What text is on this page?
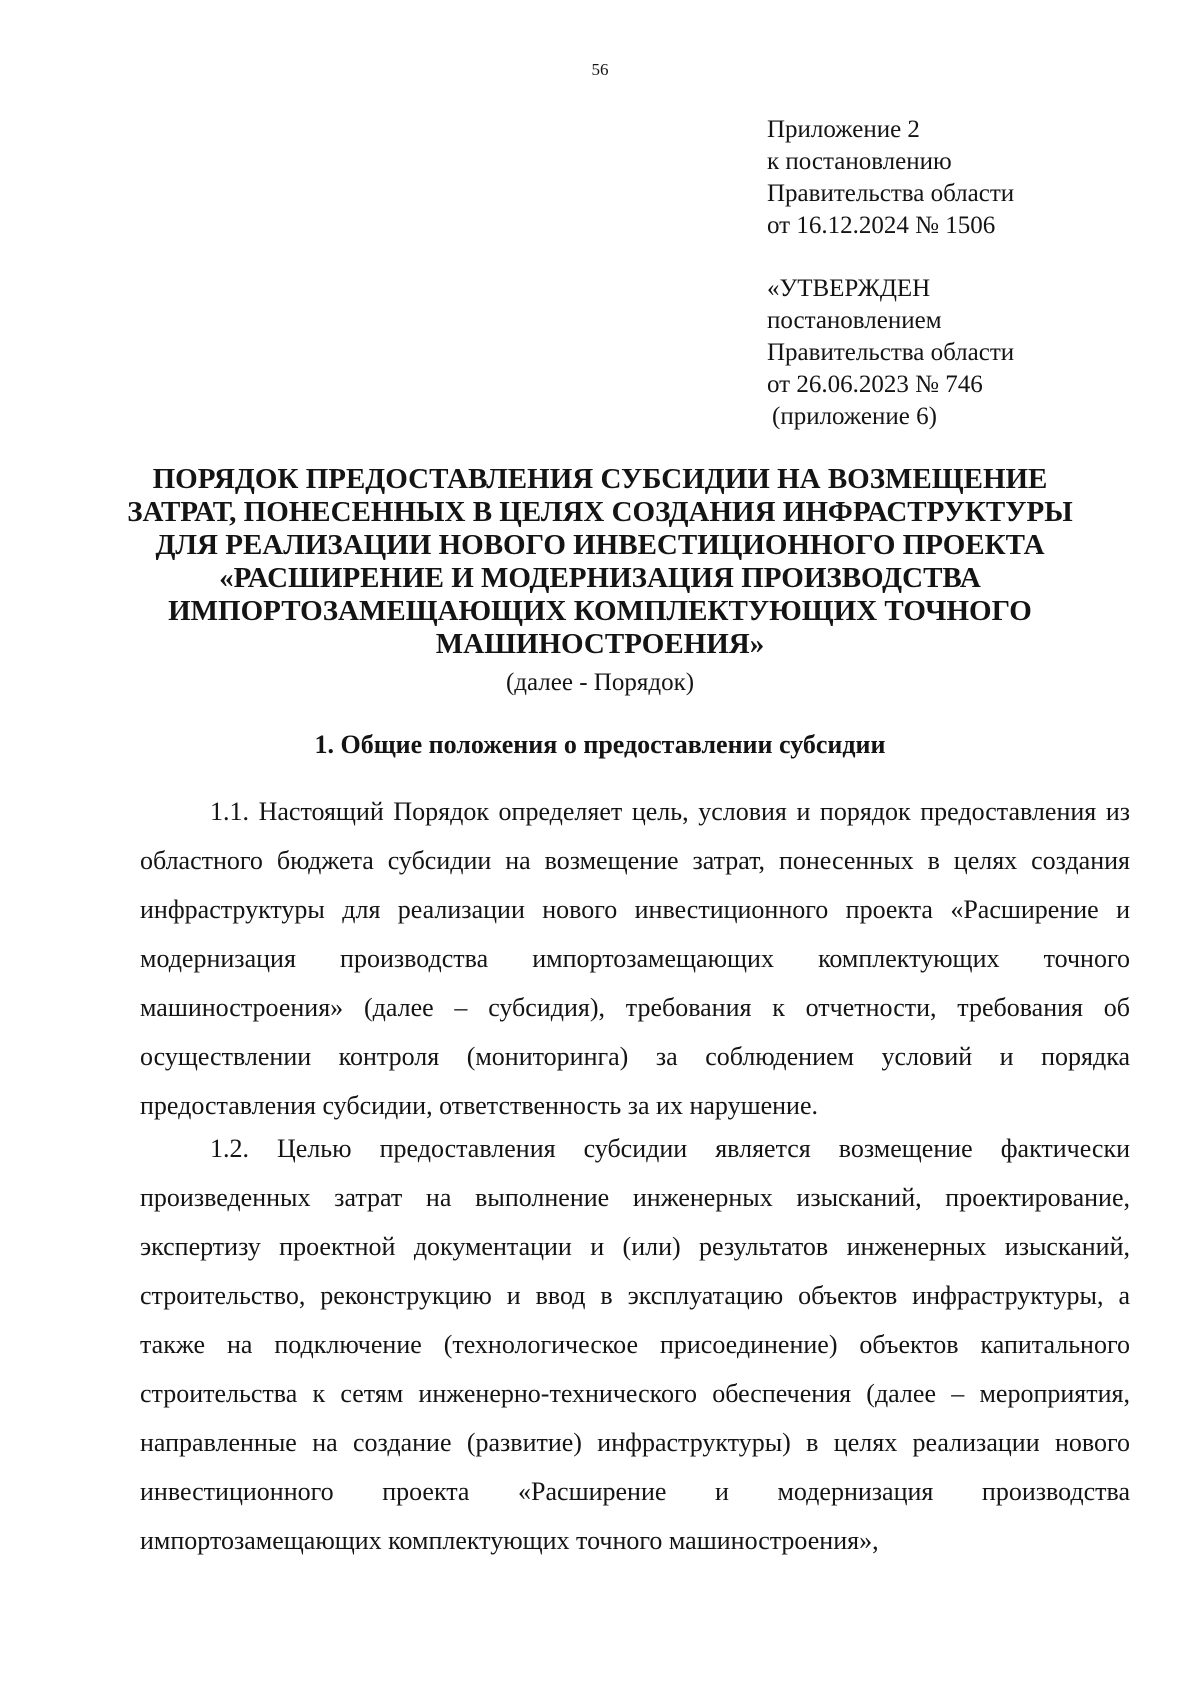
56
Приложение 2
к постановлению
Правительства области
от 16.12.2024 № 1506
«УТВЕРЖДЕН
постановлением
Правительства области
от 26.06.2023 № 746
(приложение 6)
ПОРЯДОК ПРЕДОСТАВЛЕНИЯ СУБСИДИИ НА ВОЗМЕЩЕНИЕ
ЗАТРАТ, ПОНЕСЕННЫХ В ЦЕЛЯХ СОЗДАНИЯ ИНФРАСТРУКТУРЫ
ДЛЯ РЕАЛИЗАЦИИ НОВОГО ИНВЕСТИЦИОННОГО ПРОЕКТА
«РАСШИРЕНИЕ И МОДЕРНИЗАЦИЯ ПРОИЗВОДСТВА
ИМПОРТОЗАМЕЩАЮЩИХ КОМПЛЕКТУЮЩИХ ТОЧНОГО
МАШИНОСТРОЕНИЯ»
(далее - Порядок)
1. Общие положения о предоставлении субсидии
1.1. Настоящий Порядок определяет цель, условия и порядок предоставления из областного бюджета субсидии на возмещение затрат, понесенных в целях создания инфраструктуры для реализации нового инвестиционного проекта «Расширение и модернизация производства импортозамещающих комплектующих точного машиностроения» (далее – субсидия), требования к отчетности, требования об осуществлении контроля (мониторинга) за соблюдением условий и порядка предоставления субсидии, ответственность за их нарушение.
1.2. Целью предоставления субсидии является возмещение фактически произведенных затрат на выполнение инженерных изысканий, проектирование, экспертизу проектной документации и (или) результатов инженерных изысканий, строительство, реконструкцию и ввод в эксплуатацию объектов инфраструктуры, а также на подключение (технологическое присоединение) объектов капитального строительства к сетям инженерно-технического обеспечения (далее – мероприятия, направленные на создание (развитие) инфраструктуры) в целях реализации нового инвестиционного проекта «Расширение и модернизация производства импортозамещающих комплектующих точного машиностроения»,
